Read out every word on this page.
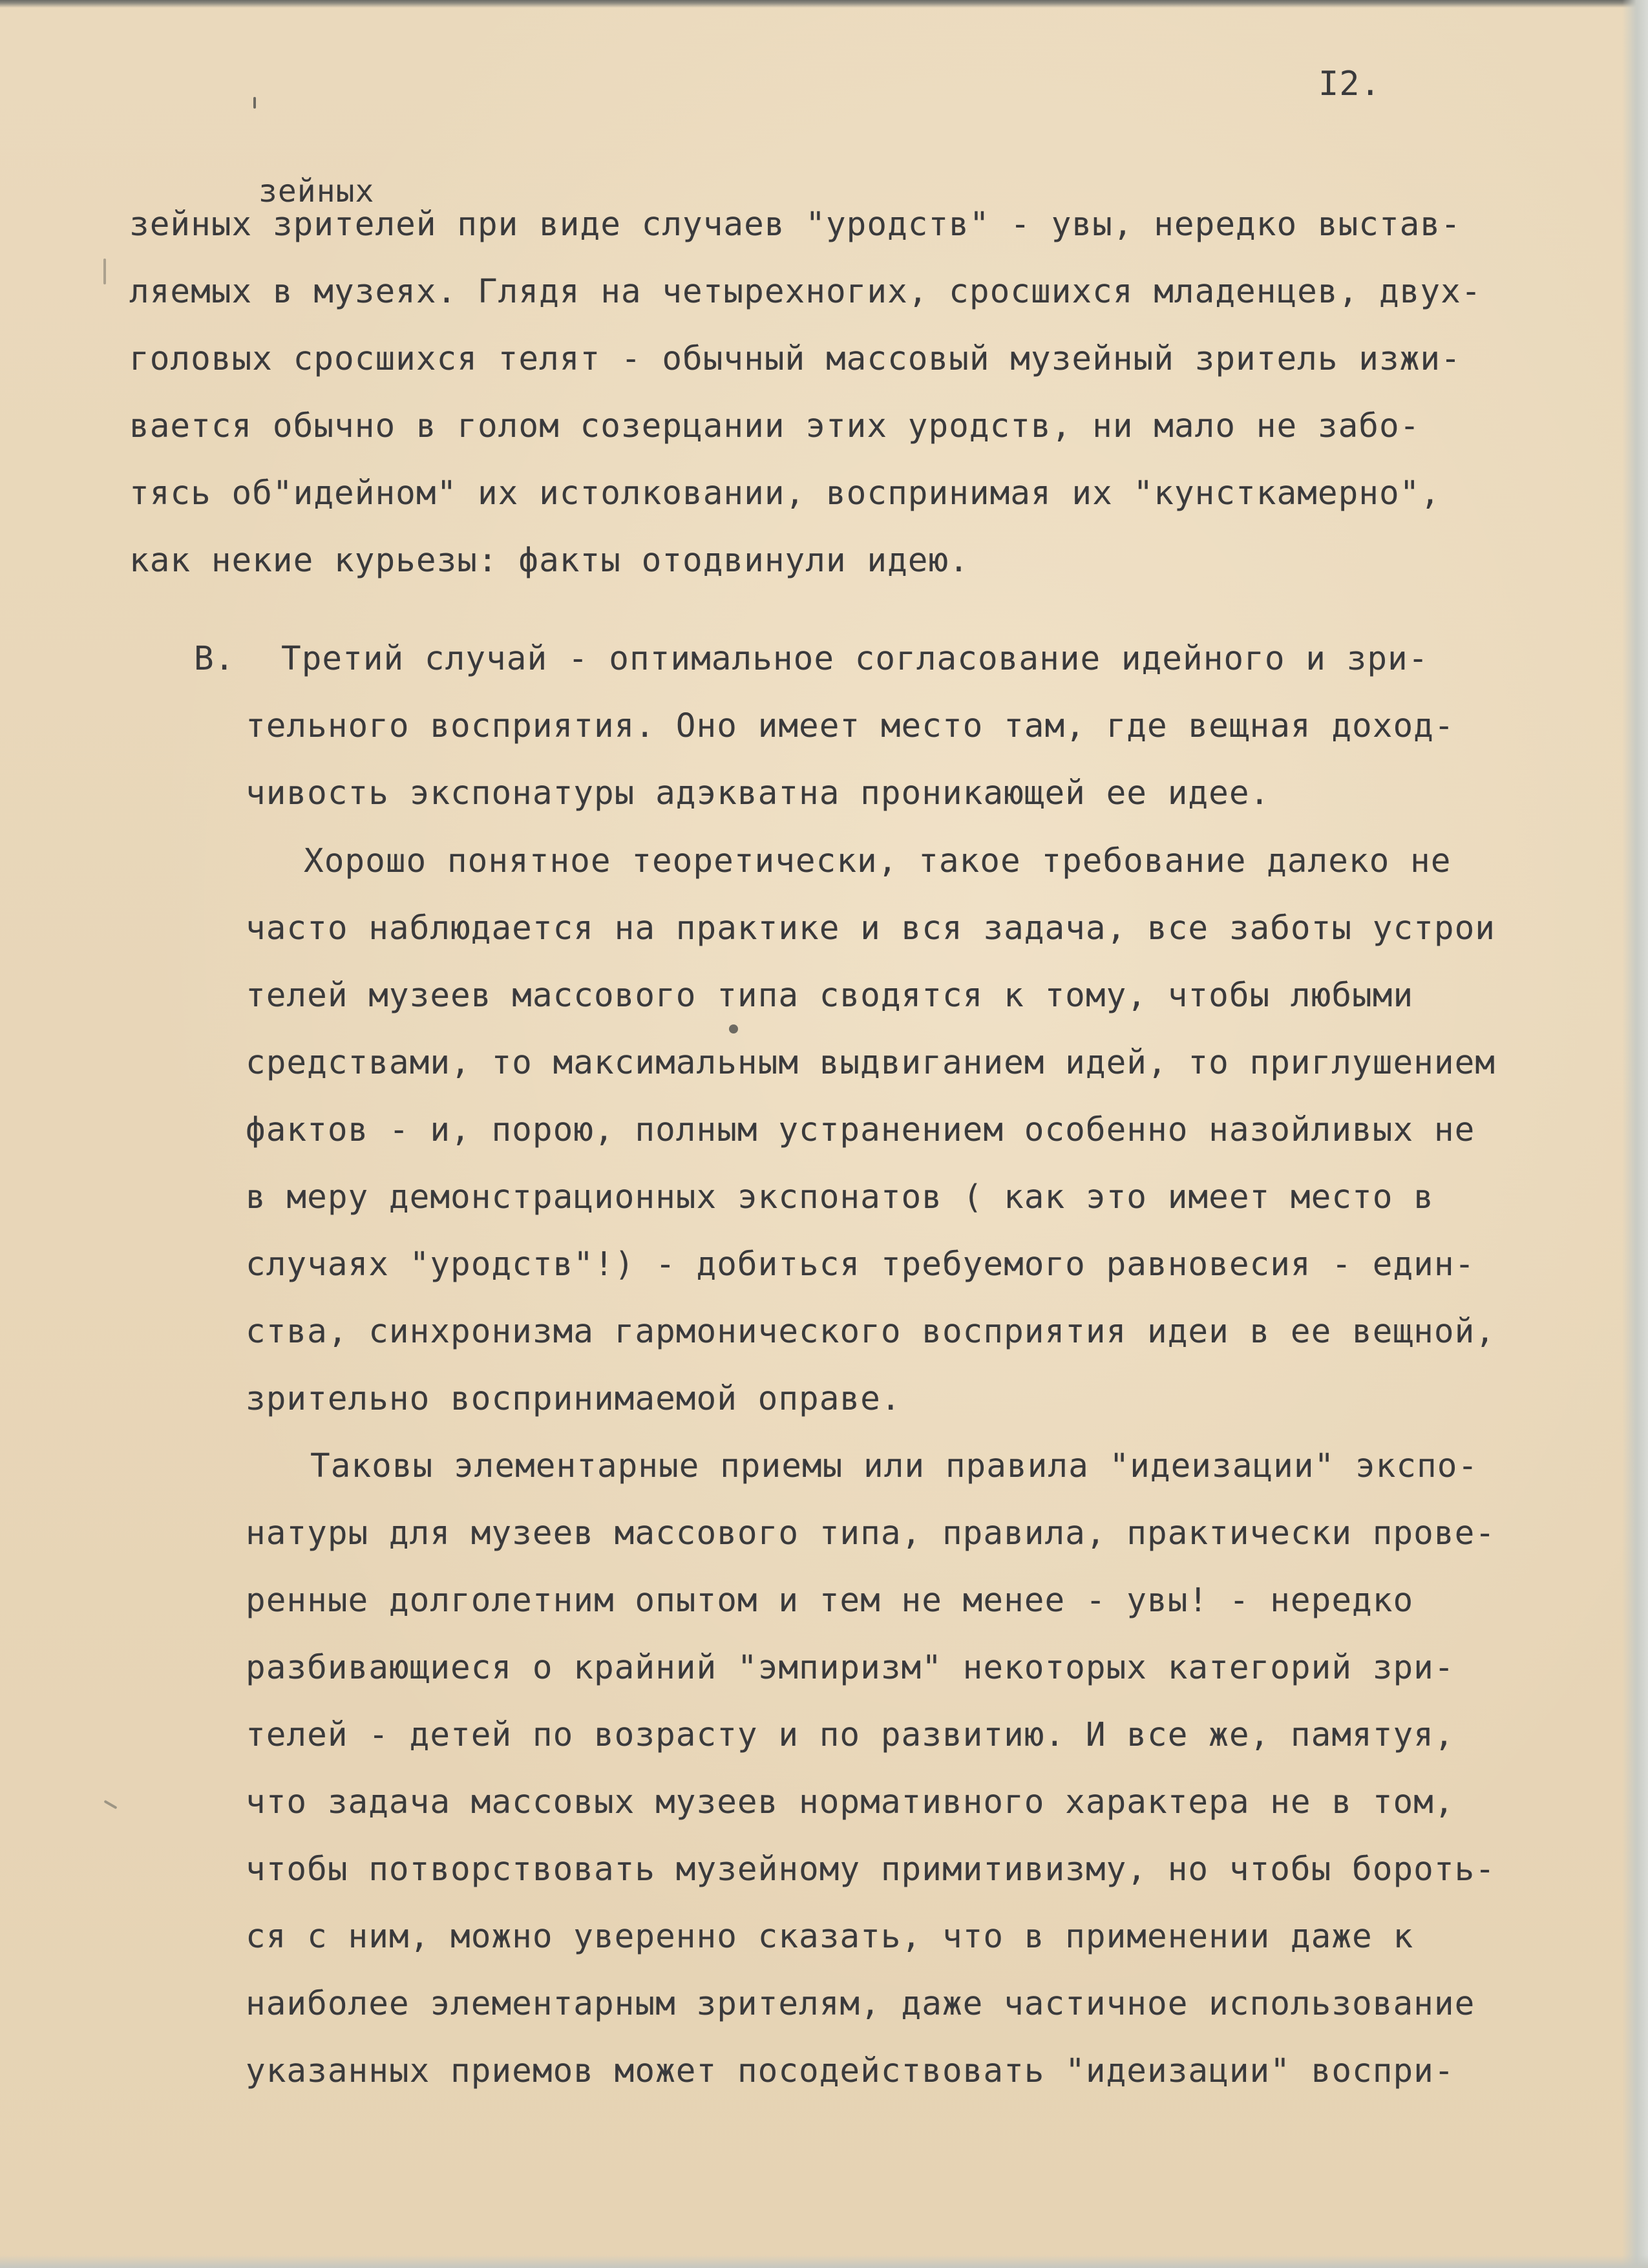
I2.
зейных
В.
зейных зрителей при виде случаев "уродств" - увы, нередко выстав-
ляемых в музеях. Глядя на четырехногих, сросшихся младенцев, двух-
головых сросшихся телят - обычный массовый музейный зритель изжи-
вается обычно в голом созерцании этих уродств, ни мало не забо-
тясь об"идейном" их истолковании, воспринимая их "кунсткамерно",
как некие курьезы: факты отодвинули идею.
Третий случай - оптимальное согласование идейного и зри-
тельного восприятия. Оно имеет место там, где вещная доход-
чивость экспонатуры адэкватна проникающей ее идее.
Хорошо понятное теоретически, такое требование далеко не
часто наблюдается на практике и вся задача, все заботы устрои
телей музеев массового типа сводятся к тому, чтобы любыми
средствами, то максимальным выдвиганием идей, то приглушением
фактов - и, порою, полным устранением особенно назойливых не
в меру демонстрационных экспонатов ( как это имеет место в
случаях "уродств"!) - добиться требуемого равновесия - един-
ства, синхронизма гармонического восприятия идеи в ее вещной,
зрительно воспринимаемой оправе.
Таковы элементарные приемы или правила "идеизации" экспо-
натуры для музеев массового типа, правила, практически прове-
ренные долголетним опытом и тем не менее - увы! - нередко
разбивающиеся о крайний "эмпиризм" некоторых категорий зри-
телей - детей по возрасту и по развитию. И все же, памятуя,
что задача массовых музеев нормативного характера не в том,
чтобы потворствовать музейному примитивизму, но чтобы бороть-
ся с ним, можно уверенно сказать, что в применении даже к
наиболее элементарным зрителям, даже частичное использование
указанных приемов может посодействовать "идеизации" воспри-
